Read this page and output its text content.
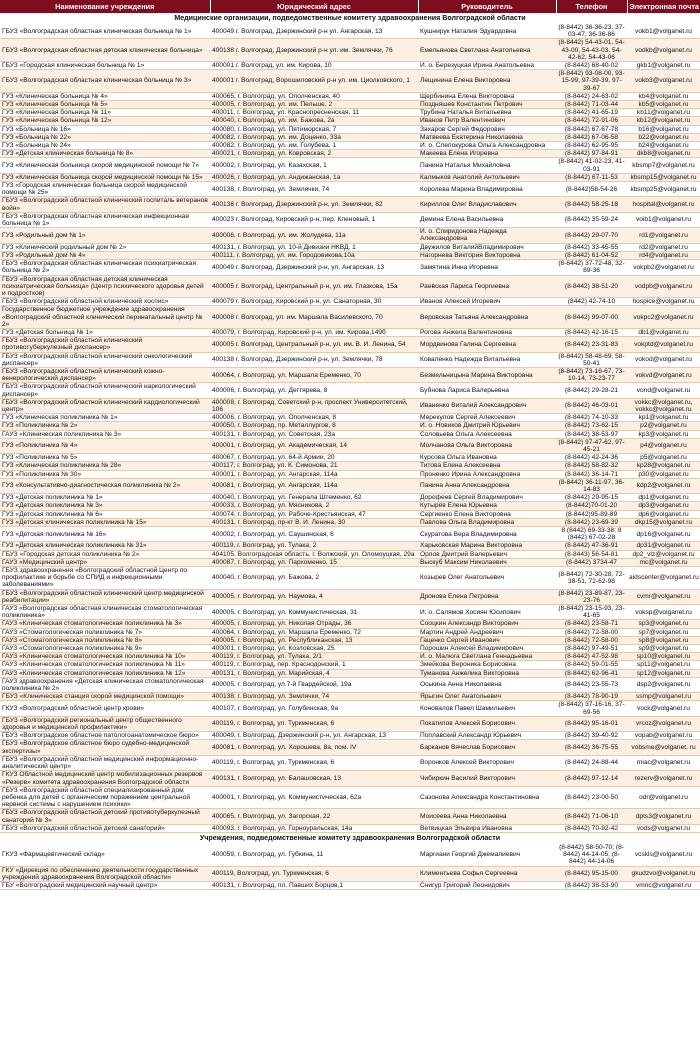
Наименование учреждения	Юридический адрес	Руководитель	Телефон	Электронная почта
Медицинские организации, подведомственные комитету здравоохранения Волгоградской области				
ГБУЗ «Волгоградская областная клиническая больница № 1»	400049 г. Волгоград, Дзержинский р-н ул. Ангарская, 13	Кушнирук Наталия Эдуардовна	(8-8442) 36-36-23, 37-03-47, 36-36-86	vokb1@volganet.ru
ГБУЗ «Волгоградская областная детская клиническая больница»	400138 г. Волгоград, Дзержинский р-н ул. им. Землячки, 76	Емельянова Светлана Анатольевна	(8-8442) 54-43-01, 54-43-00, 54-43-03, 54-42-62, 54-43-06	vodkb@volganet.ru
ГБУЗ «Городская клиническая больница № 1»	400001 г. Волгоград, ул. им. Кирова, 10	И. о. Березуцкая Ирина Анатольевна	(8-8442) 68-40-02	gkb1@volganet.ru
ГБУЗ «Волгоградская областная клиническая больница № 3»	400001 г. Волгоград, Ворошиловский р-н ул. им. Циолковского, 1	Лещинина Елена Викторовна	(8-8442) 93-08-00, 93-15-99, 97-39-39, 97-39-67	vokb3@volganet.ru
ГУЗ «Клиническая больница № 4»	400065, г. Волгоград, ул. Ополченская, 40	Щербинина Елена Викторовна	(8-8442) 24-63-02	kb4@volganet.ru
ГУЗ «Клиническая больница № 5»	400005, г. Волгоград, ул. им. Пельше, 2	Поздняшев Константин Петрович	(8-8442) 71-03-44	kb5@volganet.ru
ГУЗ «Клиническая больница № 11»	400011, г. Волгоград, ул. Краснопресненская, 11	Трубина Наталья Витальевна	(8-8442) 41-65-19	kb11@volganet.ru
ГУЗ «Клиническая больница № 12»	400040, г. Волгоград, ул. им. Бажова, 2а	Иванов Петр Валентинович	(8-8442) 72-91-06	kb12@volganet.ru
ГУЗ «Больница № 16»	400080, г. Волгоград, ул. Пятиморская, 7	Захаров Сергей Федорович	(8-8442) 67-67-78	b16@volganet.ru
ГУЗ «Больница № 22»	400082, г. Волгоград, ул. им. Доценко, 33а	Матвеева Екатерина Николаевна	(8-8442) 67-06-58	b22@volganet.ru
ГУЗ «Больница № 24»	400082, г. Волгоград, ул. им. Голубева, 1	И. о. Слепокурова Ольга Александровна	(8-8442) 62-95-95	b24@volganet.ru
ГУЗ «Детская клиническая больница № 8»	400021, г. Волгоград, ул. Ковровская, 2	Макеева Елена Игоревна	(8-8442) 97-84-91	dkb8@volganet.ru
ГУЗ «Клиническая больница скорой медицинской помощи № 7»	400002, г. Волгоград, ул. Казахская, 1	Панина Наталья Михайловна	(8-8442) 41-02-23, 41-03-91	kbsmp7@volganet.ru
ГУЗ «Клиническая больница скорой медицинской помощи № 15»	400026, г. Волгоград, ул. Андижанская, 1а	Калмыков Анатолий Антольевич	(8-8442) 67-11-53	kbsmp15@volganet.ru
ГУЗ «Городская клиническая больница скорой медицинской помощи № 25»	400138, г. Волгоград, ул. Землячки, 74	Королева Марина Владимировна	(8-8442)58-54-26	kbsmp25@volganet.ru
ГБУЗ «Волгоградский областной клинический госпиталь ветеранов войн»	400138 г. Волгоград, Дзержинский р-н, ул. Землячки, 82	Кириллов Олег Владиславович	(8-8442) 58-25-18	hospital@volganet.ru
ГБУЗ «Волгоградская областная клиническая инфекционная больница № 1»	400023 г. Волгоград, Кировский р-н, пер. Кленовый, 1	Демина Елена Васильевна	(8-8442) 35-59-24	voib1@volganet.ru
ГУЗ «Родильный дом № 1»	400006, г. Волгоград, ул. им. Жолудева, 11а	И. о. Спиридонова Надежда Александровна	(8-8442) 29-07-70	rd1@volganet.ru
ГУЗ «Клинический родильный дом № 2»	400131, г. Волгоград, ул. 10-й Дивизии НКВД, 1	Двужилов ВиталийВладимирович	(8-8442) 33-45-55	rd2@volganet.ru
ГУЗ «Родильный дом № 4»	400111, г. Волгоград, ул. им. Городовикова,10а	Нагорнева Виктория Викторовна	(8-8442) 61-04-52	rd4@volganet.ru
ГБУЗ «Волгоградская областная клиническая психиатрическая больница № 2»	400049 г. Волгоград, Дзержинский р-н, ул. Ангарская, 13	Замятина Инна Игоревна	(8-8442) 37-72-48, 32-89-36	vokpb2@volganet.ru
ГБУЗ «Волгоградская областная детская клиническая психиатрическая больница» (Центр психического здоровья детей и подростков)	400005 г. Волгоград, Центральный р-н, ул. им. Глазкова, 15а	Раевская Лариса Георгиевна	(8-8442) 38-51-20	vodpb@volganet.ru
ГБУЗ «Волгоградский областной клинический хоспис»	400079 г. Волгоград, Кировский р-н, ул. Санаторная, 30	Иванов Алексей Игоревич	(8442) 42-74-10	hospice@volganet.ru
Государственное бюджетное учреждение здравоохранения «Волгоградский областной клинический перинатальный центр № 2»	400008 г. Волгоград, ул. им. Маршала Василевского, 70	Веровская Татьяна Александровна	(8-8442) 99-07-00	vokpc2@volganet.ru
ГУЗ «Детская больница № 1»	400079, г. Волгоград, Кировский р-н, ул. им. Кирова,149б	Рогова Анжела Валентиновна	(8-8442) 42-16-15	db1@volganet.ru
ГБУЗ «Волгоградский областной клинический противотуберкулезный диспансер»	400005 г. Волгоград, Центральный р-н, ул. им. В. И. Ленина, 54	Мордвинова Галина Сергеевна	(8-8442) 23-31-83	vokptd@volganet.ru
ГБУЗ «Волгоградский областной клинический онкологический диспансер»	400138 г. Волгоград, Дзержинский р-н, ул. Землячки, 78	Коваленко Надежда Витальевна	(8-8442) 58-48-69, 58-50-41	vokod@volganet.ru
ГБУЗ «Волгоградский областной клинический кожно-венерологический диспансер»	400064, г. Волгоград, ул. Маршала Еременко, 70	Безмельницына Марина Викторовна	(8-8442) 73-16-67, 73-10-14, 73-23-77	vokvd@volganet.ru
ГБУЗ «Волгоградский областной клинический наркологический диспансер»	400006, г. Волгоград, ул. Дегтярева, 8	Бубнова Лариса Валерьевна	(8-8442) 29-28-21	vond@volganet.ru
ГБУЗ «Волгоградский областной клинический кардиологический центр»	400008, г. Волгоград, Советский р-н, проспект Университетский, 106	Иваненко Виталий Александрович	(8-8442) 46-03-01	vokkc@volganet.ru, vokkc@volganet.ru
ГУЗ «Клиническая поликлиника № 1»	400006, г. Волгоград, ул. Ополченская, 8	Мерекулов Сергей Алексеевич	(8-8442) 74-10-33	kp1@volganet.ru
ГУЗ «Поликлиника № 2»	400050, г. Волгоград, пр. Металлургов, 8	И. о. Новиков Дмитрий Юрьевич	(8-8442) 73-62-15	p2@volganet.ru
ГАУЗ «Клиническая поликлиника № 3»	400131, г. Волгоград, ул. Советская, 23а	Соловьева Ольга Алексеевна	(8-8442) 38-53-97	kp3@volganet.ru
ГУЗ «Поликлиника № 4»	400001, г. Волгоград, ул. Академическая, 14	Молчанова Ольга Викторовна	(8-8442) 97-47-62, 97-45-21	p4@volganet.ru
ГУЗ «Поликлиника № 5»	400067, г. Волгоград, ул. 64-й Армии, 20	Курсова Ольга Ивановна	(8-8442) 42-24-36	p5@volganet.ru
ГУЗ «Клиническая поликлиника № 28»	400117, г. Волгоград, ул. К. Симонова, 21	Титова Елена Алексеевна	(8-8442) 58-82-32	kp28@volganet.ru
ГУЗ «Поликлиника № 30»	400001, г. Волгоград, ул. Ангарская, 114а	Проненко Ирина Александровна	(8-8442) 36-14-71	p30@volganet.ru
ГУЗ «Консультативно-диагностическая поликлиника № 2»	400081, г. Волгоград, ул. Ангарская, 114а	Панина Анна Александровна	(8-8442) 36-11-97, 36-14-83	kdp2@volganet.ru
ГУЗ «Детская поликлиника № 1»	400040, г. Волгоград, ул. Генерала Штеменко, 62	Дорофеев Сергей Владимирович	(8-8442) 29-95-15	dp1@volganet.ru
ГУЗ «Детская поликлиника № 3»	400033, г. Волгоград, ул. Мясникова, 2	Кутырёв Елена Юрьевна	(8-8442)70-01-20	dp3@volganet.ru
ГУЗ «Детская поликлиника № 6»	400074, г. Волгоград, ул. Рабоче-Крестьянская, 47	Сергиенко Елена Викторовна	(8-8442)95-89-89	dp6@volganet.ru
ГУЗ «Детская клиническая поликлиника № 15»	400131, г. Волгоград, пр-кт В. И. Ленина, 30	Павлова Ольга Владимировна	(8-8442) 23-69-39	dkp15@volganet.ru
ГУЗ «Детская поликлиника № 16»	400002, г. Волгоград, ул. Саушинская, 6	Скуратова Вера Владимировна	8 (8442) 69-33-38; 8 (8442) 67-02-28	dp16@volganet.ru
ГУЗ «Детская клиническая поликлиника № 31»	400119, г. Волгоград, ул. Тулака, 2	Харьковская Марина Викторовна	(8-8442) 47-36-91	dp31@volganet.ru
ГБУЗ «Городская детская поликлиника № 2»	404105, Волгоградская область, г. Волжский, ул. Оломоуцкая, 29а	Орлов Дмитрий Валерьевич	(8-8443) 56-54-81	dp2_vlz@volganet.ru
ГАУЗ «Медицинский центр»	400087, г. Волгоград, ул. Пархоменко, 15	Выскуб Максим Николаевич	(8-8442) 3734-47	mc@volganet.ru
ГБУЗ здравоохранения «Волгоградский областной Центр по профилактике и борьбе со СПИД и инфекционными заболеваниями»	400040, г. Волгоград, ул. Бажова, 2	Козырев Олег Анатольевич	(8-8442) 72-30-28, 72-38-51, 72-62-98	aidscenter@volganet.ru
ГБУЗ «Волгоградский областной клинический центр медицинской реабилитации»	400005, г. Волгоград, ул. Наумова, 4	Дронова Елена Петровна	(8-8442) 23-89-87, 23-23-76	cvmr@volganet.ru
ГАУЗ «Волгоградская областная клиническая стоматологическая поликлиника»	400005, г. Волгоград, ул. Коммунистическая, 31	И. о. Салямов Хосиян Юсипович	(8-8442) 23-15-93, 23-41-65	voksp@volganet.ru
ГАУЗ «Клиническая стоматологическая поликлиника № 3»	400005, г. Волгоград, ул. Николая Отрады, 36	Сооцкин Александр Викторович	(8-8442) 23-58-71	sp3@volganet.ru
ГАУЗ «Стоматологическая поликлиника № 7»	400064, г. Волгоград, ул. Маршала Еременко, 72	Мартин Андрей Андреевич	(8-8442) 72-58-00	sp7@volganet.ru
ГАУЗ «Стоматологическая поликлиника № 8»	400005, г. Волгоград, ул. Республиканская, 13	Гаценко Сергей Иванович	(8-8442) 72-58-00	sp8@volganet.ru
ГАУЗ «Стоматологическая поликлиника № 9»	400001, г. Волгоград, ул. Козловская, 25	Порошин Алексей Владимирович	(8-8442) 97-49-51	sp9@volganet.ru
ГАУЗ «Клиническая стоматологическая поликлиника № 10»	400119, г. Волгоград, ул. Тулака, 2/1	И. о. Малюга Светлана Геннадьевна	(8-8442) 47-52-98	sp10@volganet.ru
ГАУЗ «Клиническая стоматологическая поликлиника № 11»	400119, г. Волгоград, пер. Краснодонский, 1	Змейкова Вероника Борисовна	(8-8442) 59-01-55	sp11@volganet.ru
ГАУЗ «Клиническая стоматологическая поликлиника № 12»	400131, г. Волгоград, ул. Марийская, 4	Туманова Анжелика Викторовна	(8-8442) 62-96-41	sp12@volganet.ru
ГАУЗ здравоохранения «Детская клиническая стоматологическая поликлиника № 2»	400005, г. Волгоград, ул.7-й Гвардейской, 19а	Оськина Анна Николаевна	(8-8442) 23-55-73	dsp2@volganet.ru
ГБУЗ «Клиническая станция скорой медицинской помощи»	400138, г. Волгоград, ул. Землячки, 74	Ярыгин Олег Анатольевич	(8-8442) 78-90-19	ssmp@volganet.ru
ГКУЗ «Волгоградский областной центр крови»	400107, г. Волгоград, ул. Голубинская, 9а	Коновалов Павел Шамильевич	(8-8442) 37-16-16, 37-69-56	vock@volganet.ru
ГБУЗ «Волгоградский региональный центр общественного здоровья и медицинской профилактики»	400119, г. Волгоград, ул. Туркменская, 6	Покатилов Алексей Борисович	(8-8442) 95-16-01	vrcoz@volganet.ru
ГБУЗ «Волгоградское областное патологоанатомическое бюро»	400049, г. Волгоград, Дзержинский р-н, ул. Ангарская, 13	Поплавский Александр Юрьевич	(8-8442) 39-40-92	vopab@volganet.ru
ГБУЗ «Волгоградское областное бюро судебно-медицинской экспертизы»	400081, г. Волгоград, ул. Хорошева, 8а, пом. IV	Барканов Вячеслав Борисович	(8-8442) 36-75-55	vobsme@volganet. ru
ГБУЗ «Волгоградский областной медицинский информационно-аналитический центр»	400119, г. Волгоград, ул. Туркменская, 6	Воронков Алексей Викторович	(8-8442) 24-88-44	miac@volganet.ru
ГКУЗ Областной медицинский центр мобилизационных резервов «Резерв» комитета здравоохранения Волгоградской области	400131, г. Волгоград, ул. Балашовская, 13	Чибиркин Василий Викторович	(8-8442) 97-12-14	rezerv@volganet.ru
ГБУЗ «Волгоградский областной специализированный дом ребенка для детей с органическим поражением центральной нервной системы с нарушением психики»	400001, г. Волгоград, ул. Коммунистическая, 62а	Сазонова Александра Константиновна	(8-8442) 23-00-50	odr@volganet.ru
ГБУЗ «Волгоградский областной детский противотуберкулезный санаторий № 3»	400065, г. Волгоград, ул. Загорская, 22	Моисеева Анна Николаевна	(8-8442) 71-06-10	dpts3@volganet.ru
ГБУЗ «Волгоградский областной детский санаторий»	400093, г. Волгоград, ул. Горноуральская, 14а	Ветвицкая Эльвира Ивановна	(8-8442) 70-92-42	vods@volganet.ru
Учреждения, подведомственные комитету здравоохранения Волгоградской области				
ГКУЗ «Фармацевтический склад»	400059, г. Волгоград, ул. Губкина, 11	Маргиани Георгий Джемалиевич	(8-8442) 58-50-70; (8-8442) 44-14-05; (8-8442) 44-14-06	vcskls@volganet.ru
ГКУ «Дирекция по обеспечению деятельности государственных учреждений здравоохранения Волгоградской области»	400119, Волгоград, ул. Туркменская, 6	Климентьева Софья Сергеевна	(8-8442) 95-15-00	gkudzvo@volganet.ru
ГБУ «Волгоградский медицинский научный центр»	400131, г. Волгоград, пл. Павших Борцов,1	Снигур Григорий Леонидович	(8-8442) 38-53-90	vmnc@volganet.ru
